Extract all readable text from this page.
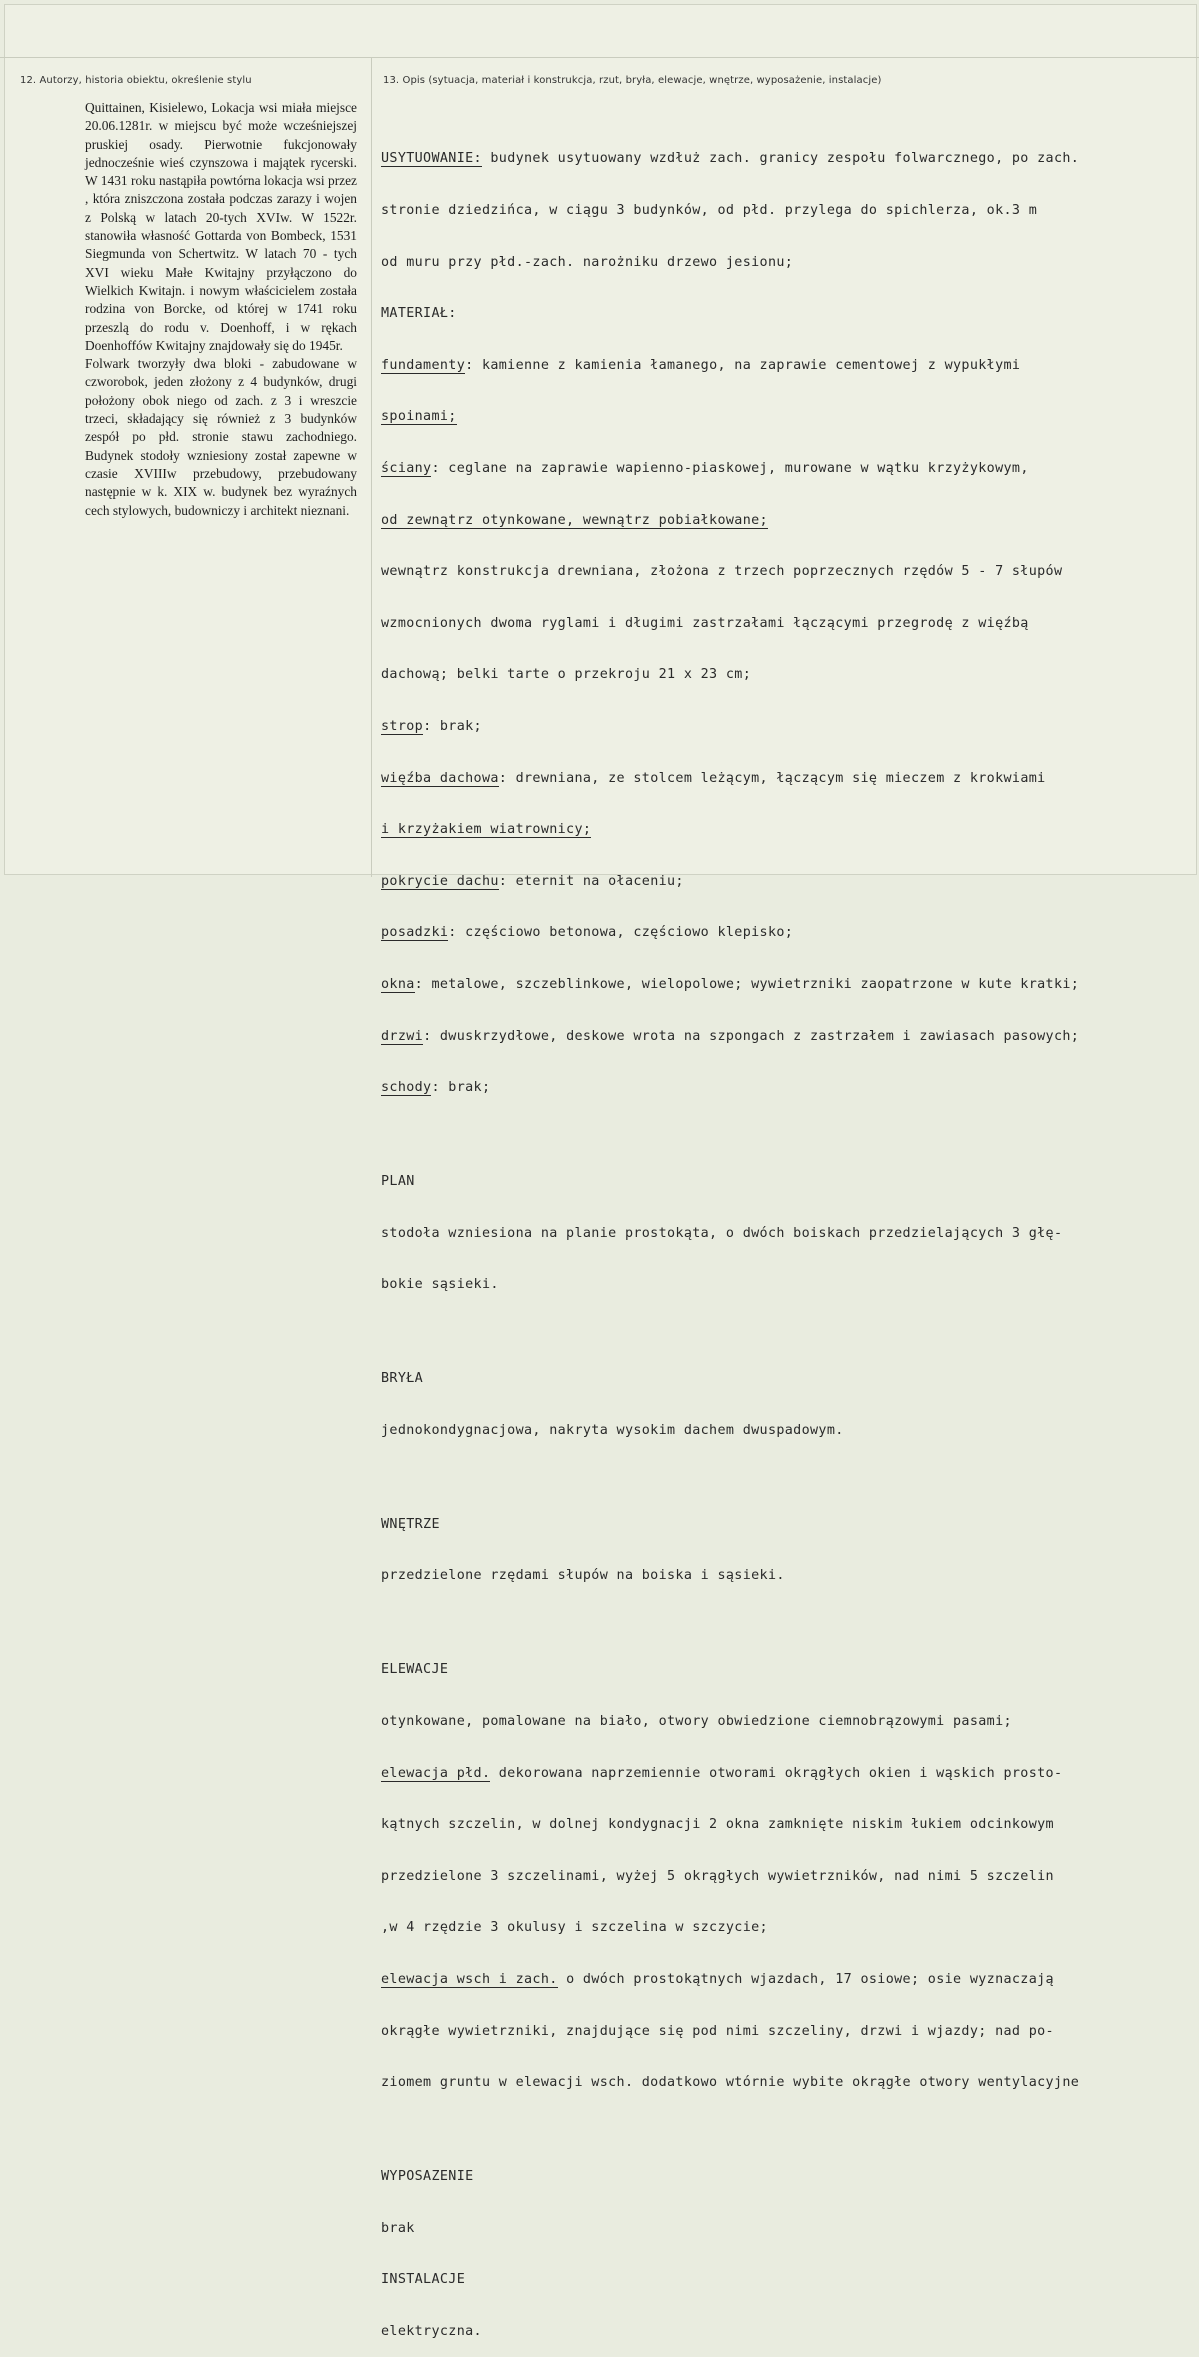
12. Autorzy, historia obiektu, określenie stylu	13. Opis (sytuacja, materiał i konstrukcja, rzut, bryła, elewacje, wnętrze, wyposażenie, instalacje)

Quittainen, Kisielewo, Lokacja wsi miała miejsce 20.06.1281r. w miejscu być może wcześniejszej pruskiej osady. Pierwotnie fukcjonowały jednocześnie wieś czynszowa i majątek rycerski. W 1431 roku nastąpiła powtórna lokacja wsi przez , która zniszczona została podczas zarazy i wojen z Polską w latach 20-tych XVIw. W 1522r. stanowiła własność Gottarda von Bombeck, 1531 Siegmunda von Schertwitz. W latach 70 - tych XVI wieku Małe Kwitajny przyłączono do Wielkich Kwitajn. i nowym właścicielem została rodzina von Borcke, od której w 1741 roku przeszlą do rodu v. Doenhoff, i w rękach Doenhoffów Kwitajny znajdowały się do 1945r.

Folwark tworzyły dwa bloki - zabudowane w czworobok, jeden złożony z 4 budynków, drugi położony obok niego od zach. z 3 i wreszcie trzeci, składający się również z 3 budynków zespół po płd. stronie stawu zachodniego. Budynek stodoły wzniesiony został zapewne w czasie XVIIIw przebudowy, przebudowany następnie w k. XIX w. budynek bez wyraźnych cech stylowych, budowniczy i architekt nieznani.

USYTUOWANIE: budynek usytuowany wzdłuż zach. granicy zespołu folwarcznego, po zach.

stronie dziedzińca, w ciągu 3 budynków, od płd. przylega do spichlerza, ok.3 m

od muru przy płd.-zach. narożniku drzewo jesionu;

MATERIAŁ:

fundamenty: kamienne z kamienia łamanego, na zaprawie cementowej z wypukłymi

spoinami;

ściany: ceglane na zaprawie wapienno-piaskowej, murowane w wątku krzyżykowym,

od zewnątrz otynkowane, wewnątrz pobiałkowane;

wewnątrz konstrukcja drewniana, złożona z trzech poprzecznych rzędów 5 - 7 słupów

wzmocnionych dwoma ryglami i długimi zastrzałami łączącymi przegrodę z więźbą

dachową; belki tarte o przekroju 21 x 23 cm;

strop: brak;

więźba dachowa: drewniana, ze stolcem leżącym, łączącym się mieczem z krokwiami

i krzyżakiem wiatrownicy;

pokrycie dachu: eternit na ołaceniu;

posadzki: częściowo betonowa, częściowo klepisko;

okna: metalowe, szczeblinkowe, wielopolowe; wywietrzniki zaopatrzone w kute kratki;

drzwi: dwuskrzydłowe, deskowe wrota na szpongach z zastrzałem i zawiasach pasowych;

schody: brak;

PLAN

stodoła wzniesiona na planie prostokąta, o dwóch boiskach przedzielających 3 głę-

bokie sąsieki.

BRYŁA

jednokondygnacjowa, nakryta wysokim dachem dwuspadowym.

WNĘTRZE

przedzielone rzędami słupów na boiska i sąsieki.

ELEWACJE

otynkowane, pomalowane na biało, otwory obwiedzione ciemnobrązowymi pasami;

elewacja płd. dekorowana naprzemiennie otworami okrągłych okien i wąskich prosto-

kątnych szczelin, w dolnej kondygnacji 2 okna zamknięte niskim łukiem odcinkowym

przedzielone 3 szczelinami, wyżej 5 okrągłych wywietrzników, nad nimi 5 szczelin

,w 4 rzędzie 3 okulusy i szczelina w szczycie;

elewacja wsch i zach. o dwóch prostokątnych wjazdach, 17 osiowe; osie wyznaczają

okrągłe wywietrzniki, znajdujące się pod nimi szczeliny, drzwi i wjazdy; nad po-

ziomem gruntu w elewacji wsch. dodatkowo wtórnie wybite okrągłe otwory wentylacyjne

WYPOSAZENIE

brak

INSTALACJE

elektryczna.
